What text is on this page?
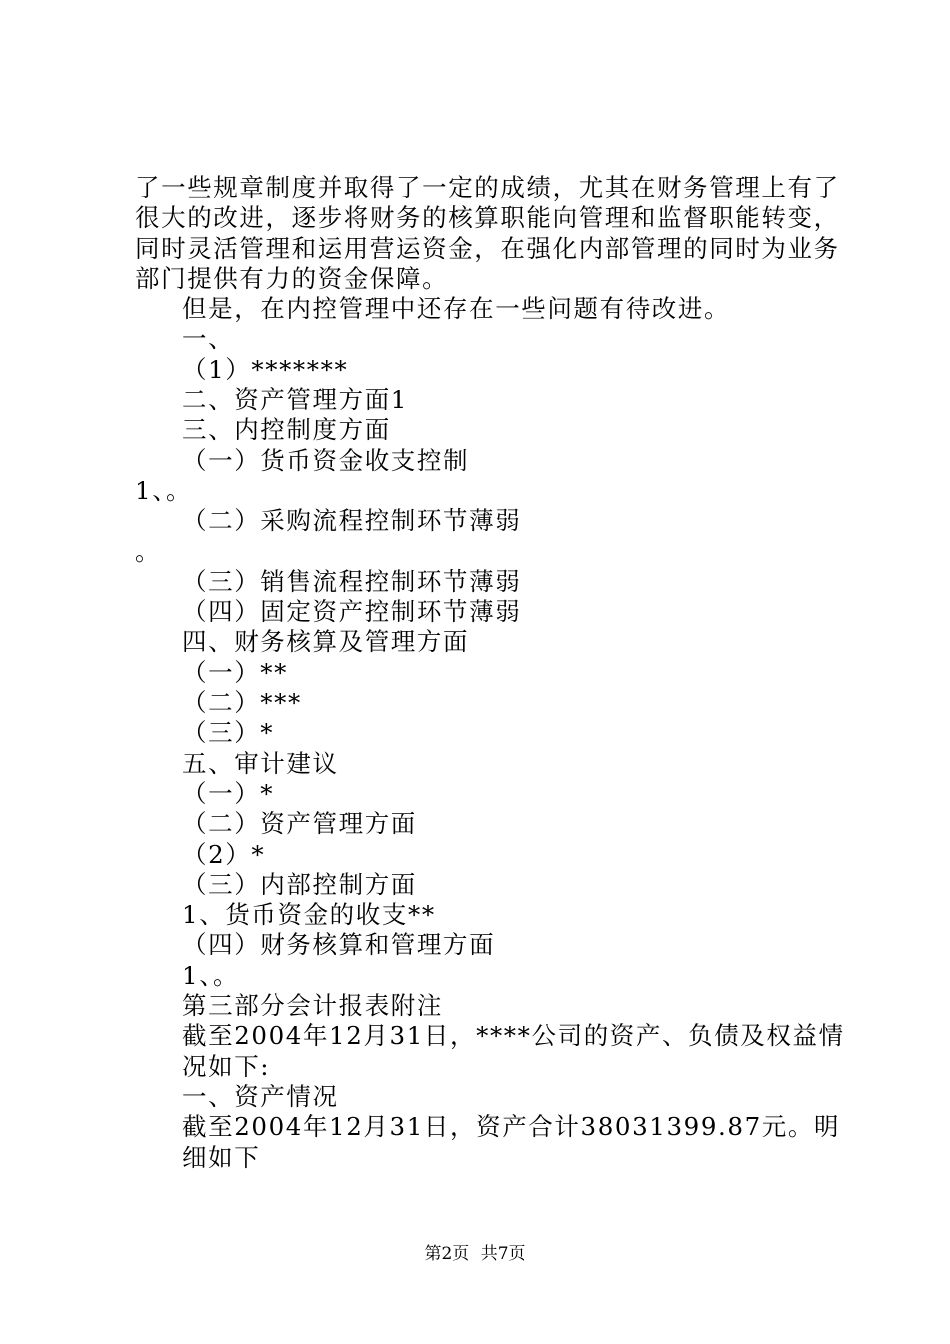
了一些规章制度并取得了一定的成绩，尤其在财务管理上有了很大的改进，逐步将财务的核算职能向管理和监督职能转变，同时灵活管理和运用营运资金，在强化内部管理的同时为业务部门提供有力的资金保障。

但是，在内控管理中还存在一些问题有待改进。

一、

（1）*******

二、资产管理方面1

三、内控制度方面

（一）货币资金收支控制

1、。

（二）采购流程控制环节薄弱

。

（三）销售流程控制环节薄弱

（四）固定资产控制环节薄弱

四、财务核算及管理方面

（一）**

（二）***

（三）*

五、审计建议

（一）*

（二）资产管理方面

（2）*

（三）内部控制方面

1、货币资金的收支**

（四）财务核算和管理方面

1、。

第三部分会计报表附注

截至2004年12月31日，****公司的资产、负债及权益情况如下:

一、资产情况

截至2004年12月31日，资产合计38031399.87元。明细如下

第2页 共7页
